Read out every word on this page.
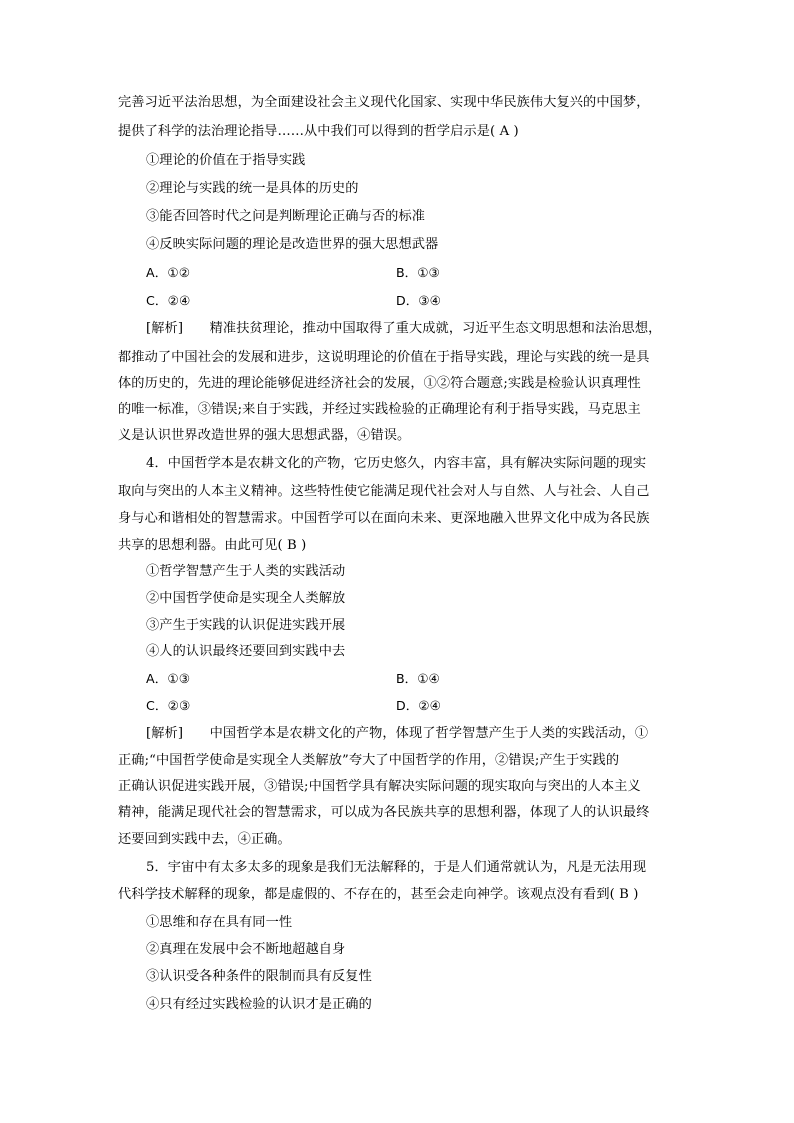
完善习近平法治思想，为全面建设社会主义现代化国家、实现中华民族伟大复兴的中国梦，
提供了科学的法治理论指导……从中我们可以得到的哲学启示是( A )
①理论的价值在于指导实践
②理论与实践的统一是具体的历史的
③能否回答时代之问是判断理论正确与否的标准
④反映实际问题的理论是改造世界的强大思想武器
A．①②	B．①③
C．②④	D．③④
[解析]　　精准扶贫理论，推动中国取得了重大成就，习近平生态文明思想和法治思想，
都推动了中国社会的发展和进步，这说明理论的价值在于指导实践，理论与实践的统一是具
体的历史的，先进的理论能够促进经济社会的发展，①②符合题意;实践是检验认识真理性
的唯一标准，③错误;来自于实践，并经过实践检验的正确理论有利于指导实践，马克思主
义是认识世界改造世界的强大思想武器，④错误。
4．中国哲学本是农耕文化的产物，它历史悠久，内容丰富，具有解决实际问题的现实
取向与突出的人本主义精神。这些特性使它能满足现代社会对人与自然、人与社会、人自己
身与心和谐相处的智慧需求。中国哲学可以在面向未来、更深地融入世界文化中成为各民族
共享的思想利器。由此可见( B )
①哲学智慧产生于人类的实践活动
②中国哲学使命是实现全人类解放
③产生于实践的认识促进实践开展
④人的认识最终还要回到实践中去
A．①③	B．①④
C．②③	D．②④
[解析]　　中国哲学本是农耕文化的产物，体现了哲学智慧产生于人类的实践活动，①
正确;“中国哲学使命是实现全人类解放”夸大了中国哲学的作用，②错误;产生于实践的
正确认识促进实践开展，③错误;中国哲学具有解决实际问题的现实取向与突出的人本主义
精神，能满足现代社会的智慧需求，可以成为各民族共享的思想利器，体现了人的认识最终
还要回到实践中去，④正确。
5．宇宙中有太多太多的现象是我们无法解释的，于是人们通常就认为，凡是无法用现
代科学技术解释的现象，都是虚假的、不存在的，甚至会走向神学。该观点没有看到( B )
①思维和存在具有同一性
②真理在发展中会不断地超越自身
③认识受各种条件的限制而具有反复性
④只有经过实践检验的认识才是正确的
